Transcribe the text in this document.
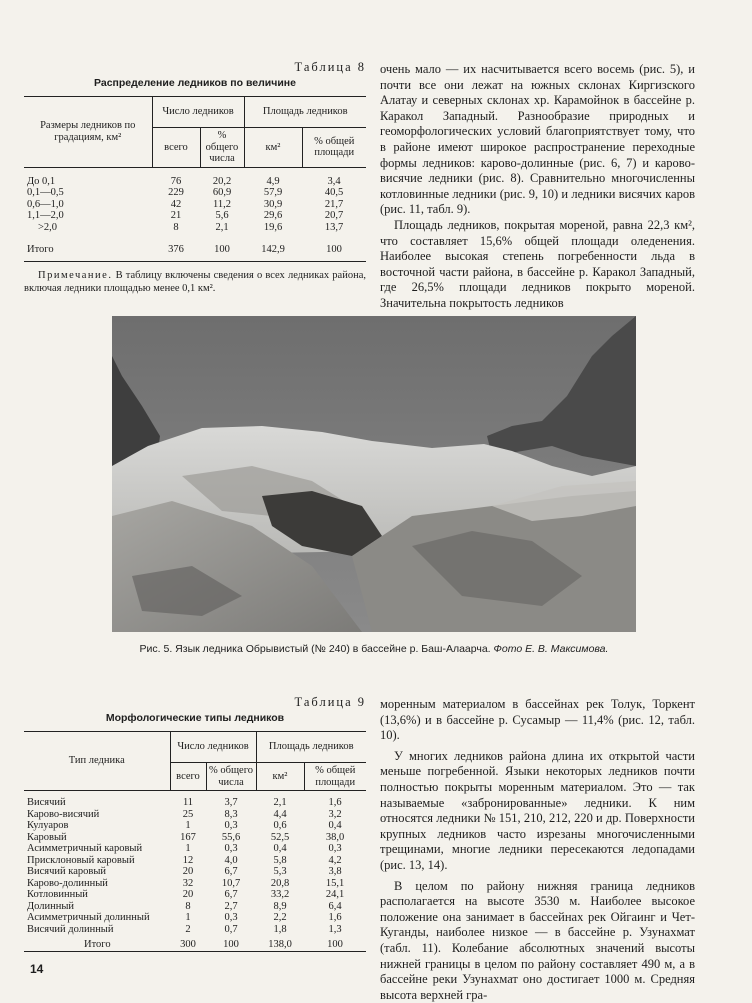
Таблица 8
Распределение ледников по величине
Размеры ледников по градациям, км²	Число ледников		Площадь ледников	
	всего	% общего числа	км²	% общей площади

До 0,1	76	20,2	4,9	3,4
0,1—0,5	229	60,9	57,9	40,5
0,6—1,0	42	11,2	30,9	21,7
1,1—2,0	21	5,6	29,6	20,7
>2,0	8	2,1	19,6	13,7

Итого	376	100	142,9	100
Примечание. В таблицу включены сведения о всех ледниках района, включая ледники площадью менее 0,1 км².

очень мало — их насчитывается всего восемь (рис. 5), и почти все они лежат на южных склонах Киргизского Алатау и северных склонах хр. Карамойнок в бассейне р. Каракол Западный. Разнообразие природных и геоморфологических условий благоприятствует тому, что в районе имеют широкое распространение переходные формы ледников: карово-долинные (рис. 6, 7) и карово-висячие ледники (рис. 8). Сравнительно многочисленны котловинные ледники (рис. 9, 10) и ледники висячих каров (рис. 11, табл. 9).

Площадь ледников, покрытая мореной, равна 22,3 км², что составляет 15,6% общей площади оледенения. Наиболее высокая степень погребенности льда в восточной части района, в бассейне р. Каракол Западный, где 26,5% площади ледников покрыто мореной. Значительна покрытость ледников

Рис. 5. Язык ледника Обрывистый (№ 240) в бассейне р. Баш-Алаарча. Фото Е. В. Максимова.
Таблица 9
Морфологические типы ледников
Тип ледника	Число ледников		Площадь ледников	
	всего	% общего числа	км²	% общей площади

Висячий	11	3,7	2,1	1,6
Карово-висячий	25	8,3	4,4	3,2
Кулуаров	1	0,3	0,6	0,4
Каровый	167	55,6	52,5	38,0
Асимметричный каровый	1	0,3	0,4	0,3
Присклоновый каровый	12	4,0	5,8	4,2
Висячий каровый	20	6,7	5,3	3,8
Карово-долинный	32	10,7	20,8	15,1
Котловинный	20	6,7	33,2	24,1
Долинный	8	2,7	8,9	6,4
Асимметричный долинный	1	0,3	2,2	1,6
Висячий долинный	2	0,7	1,8	1,3

Итого	300	100	138,0	100

моренным материалом в бассейнах рек Толук, Торкент (13,6%) и в бассейне р. Сусамыр — 11,4% (рис. 12, табл. 10).

У многих ледников района длина их открытой части меньше погребенной. Языки некоторых ледников почти полностью покрыты моренным материалом. Это — так называемые «забронированные» ледники. К ним относятся ледники № 151, 210, 212, 220 и др. Поверхности крупных ледников часто изрезаны многочисленными трещинами, многие ледники пересекаются ледопадами (рис. 13, 14).

В целом по району нижняя граница ледников располагается на высоте 3530 м. Наиболее высокое положение она занимает в бассейнах рек Ойгаинг и Чет-Куганды, наиболее низкое — в бассейне р. Узунахмат (табл. 11). Колебание абсолютных значений высоты нижней границы в целом по району составляет 490 м, а в бассейне реки Узунахмат оно достигает 1000 м. Средняя высота верхней гра-

14
